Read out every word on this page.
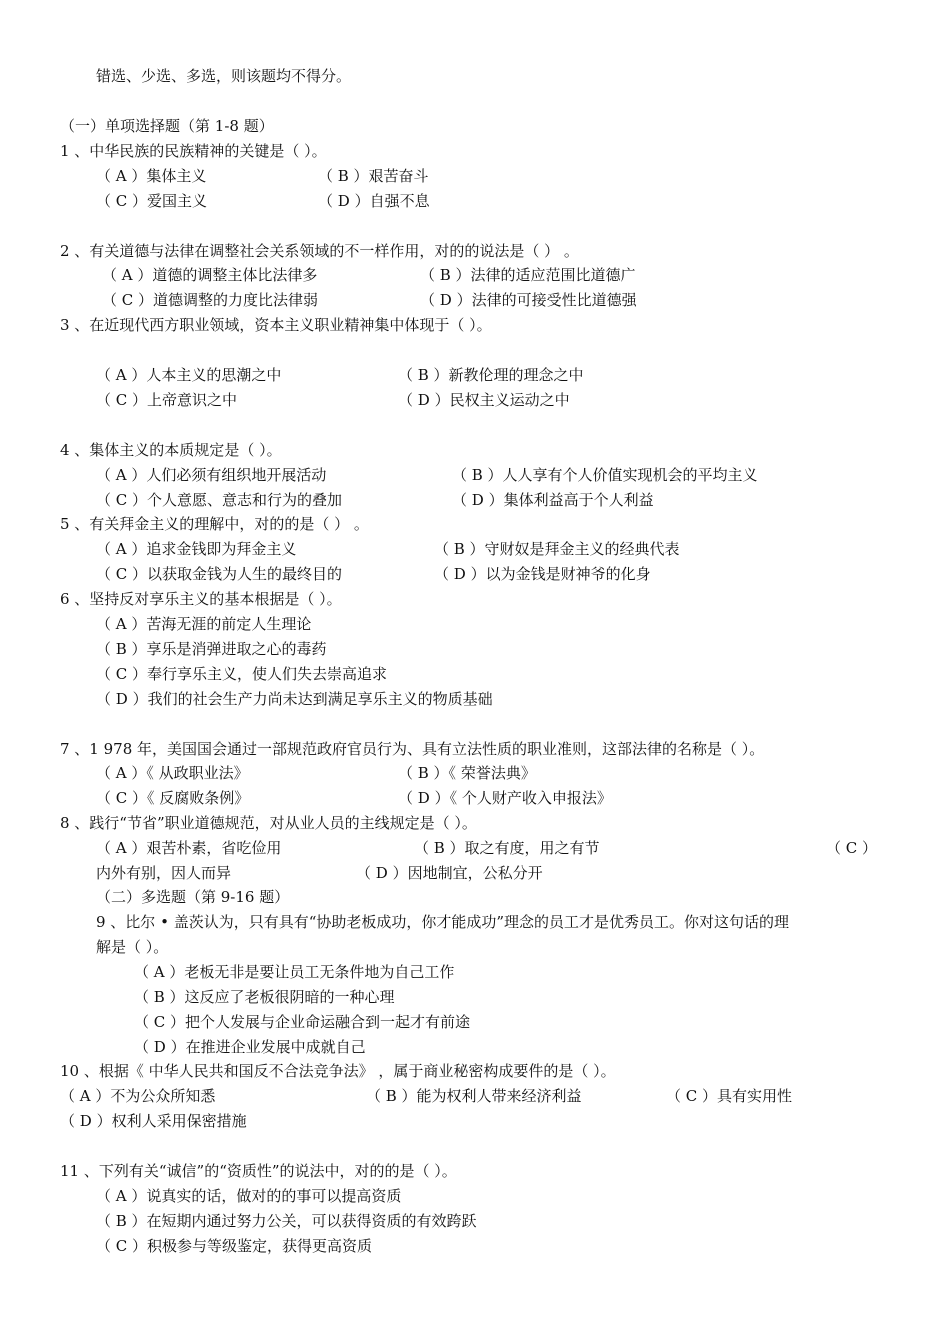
错选、少选、多选，则该题均不得分。
（一）单项选择题（第 1-8 题）
1 、中华民族的民族精神的关键是（ ）。
（ A ）集体主义	（ B ）艰苦奋斗
（ C ）爱国主义	（ D ）自强不息
2 、有关道德与法律在调整社会关系领域的不一样作用，对的的说法是（ ） 。
（ A ）道德的调整主体比法律多	（ B ）法律的适应范围比道德广
（ C ）道德调整的力度比法律弱	（ D ）法律的可接受性比道德强
3 、在近现代西方职业领域，资本主义职业精神集中体现于（ ）。
（ A ）人本主义的思潮之中	（ B ）新教伦理的理念之中
（ C ）上帝意识之中	（ D ）民权主义运动之中
4 、集体主义的本质规定是（ ）。
（ A ）人们必须有组织地开展活动	（ B ）人人享有个人价值实现机会的平均主义
（ C ）个人意愿、意志和行为的叠加	（ D ）集体利益高于个人利益
5 、有关拜金主义的理解中，对的的是（ ） 。
（ A ）追求金钱即为拜金主义	（ B ）守财奴是拜金主义的经典代表
（ C ）以获取金钱为人生的最终目的	（ D ）以为金钱是财神爷的化身
6 、坚持反对享乐主义的基本根据是（ ）。
（ A ）苦海无涯的前定人生理论
（ B ）享乐是消弹进取之心的毒药
（ C ）奉行享乐主义，使人们失去崇高追求
（ D ）我们的社会生产力尚未达到满足享乐主义的物质基础
7 、1 978 年，美国国会通过一部规范政府官员行为、具有立法性质的职业准则，这部法律的名称是（ ）。
（ A ）《 从政职业法》	（ B ）《 荣誉法典》
（ C ）《 反腐败条例》	（ D ）《 个人财产收入申报法》
8 、践行“节省”职业道德规范，对从业人员的主线规定是（ ）。
（ A ）艰苦朴素，省吃俭用	（ B ）取之有度，用之有节	（ C ）
内外有别，因人而异	（ D ）因地制宜，公私分开
（二）多选题（第 9-16 题）
9 、比尔 • 盖茨认为，只有具有“协助老板成功，你才能成功”理念的员工才是优秀员工。你对这句话的理
解是（ ）。
（ A ）老板无非是要让员工无条件地为自己工作
（ B ）这反应了老板很阴暗的一种心理
（ C ）把个人发展与企业命运融合到一起才有前途
（ D ）在推进企业发展中成就自己
10 、根据《 中华人民共和国反不合法竞争法》 ，属于商业秘密构成要件的是（ ）。
（ A ）不为公众所知悉	（ B ）能为权利人带来经济利益	（ C ）具有实用性
（ D ）权利人采用保密措施
11 、下列有关“诚信”的“资质性”的说法中，对的的是（ ）。
（ A ）说真实的话，做对的的事可以提高资质
（ B ）在短期内通过努力公关，可以获得资质的有效跨跃
（ C ）积极参与等级鉴定，获得更高资质
